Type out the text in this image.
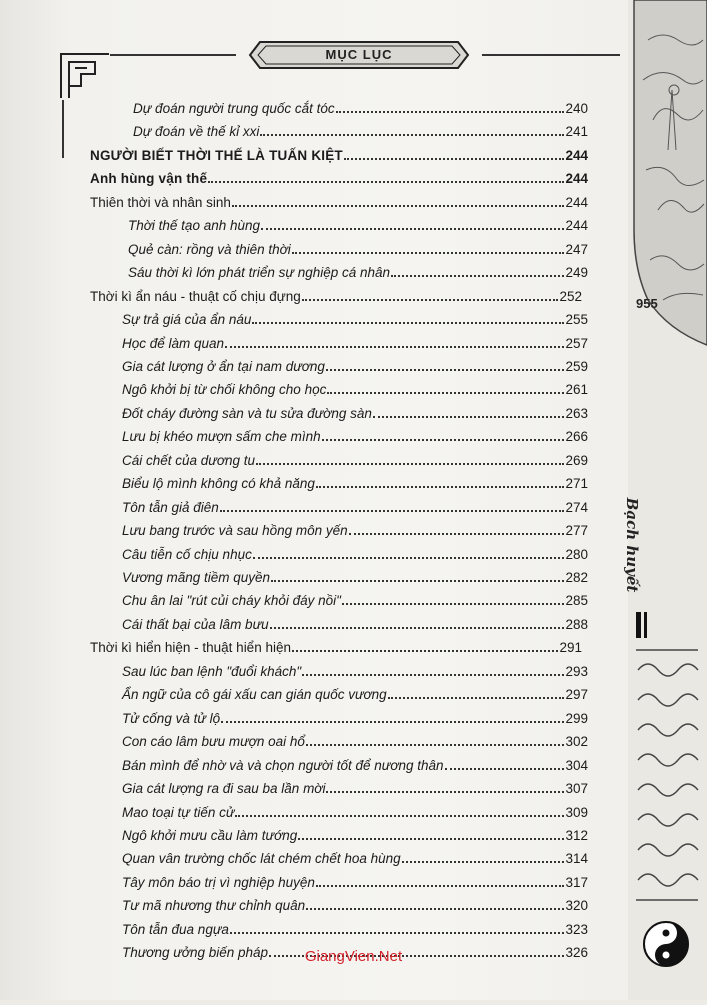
955
Bạch huyết
MỤC LỤC
Dự đoán người trung quốc cắt tóc	240
Dự đoán về thế kỉ xxi	241
NGƯỜI BIẾT THỜI THẾ LÀ TUẤN KIỆT	244
Anh hùng vận thế	244
Thiên thời và nhân sinh	244
Thời thế tạo anh hùng	244
Quẻ càn: rồng và thiên thời	247
Sáu thời kì lớn phát triển sự nghiệp cá nhân	249
Thời kì ẩn náu - thuật cố chịu đựng	252
Sự trả giá của ẩn náu	255
Học để làm quan	257
Gia cát lượng ở ẩn tại nam dương	259
Ngô khởi bị từ chối không cho học	261
Đốt cháy đường sàn và tu sửa đường sàn	263
Lưu bị khéo mượn sấm che mình	266
Cái chết của dương tu	269
Biểu lộ mình không có khả năng	271
Tôn tẫn giả điên	274
Lưu bang trước và sau hồng môn yến	277
Câu tiễn cố chịu nhục	280
Vương mãng tiềm quyền	282
Chu ân lai "rút củi cháy khỏi đáy nồi"	285
Cái thất bại của lâm bưu	288
Thời kì hiển hiện - thuật hiển hiện	291
Sau lúc ban lệnh "đuổi khách"	293
Ẩn ngữ của cô gái xấu can gián quốc vương	297
Tử cống và tử lộ	299
Con cáo lâm bưu mượn oai hổ	302
Bán mình để nhờ và và chọn người tốt để nương thân	304
Gia cát lượng ra đi sau ba lần mời	307
Mao toại tự tiến cử	309
Ngô khởi mưu cầu làm tướng	312
Quan vân trường chốc lát chém chết hoa hùng	314
Tây môn báo trị vì nghiệp huyện	317
Tư mã nhương thư chỉnh quân	320
Tôn tẫn đua ngựa	323
Thương ưởng biến pháp	326
GiangVien.Net
